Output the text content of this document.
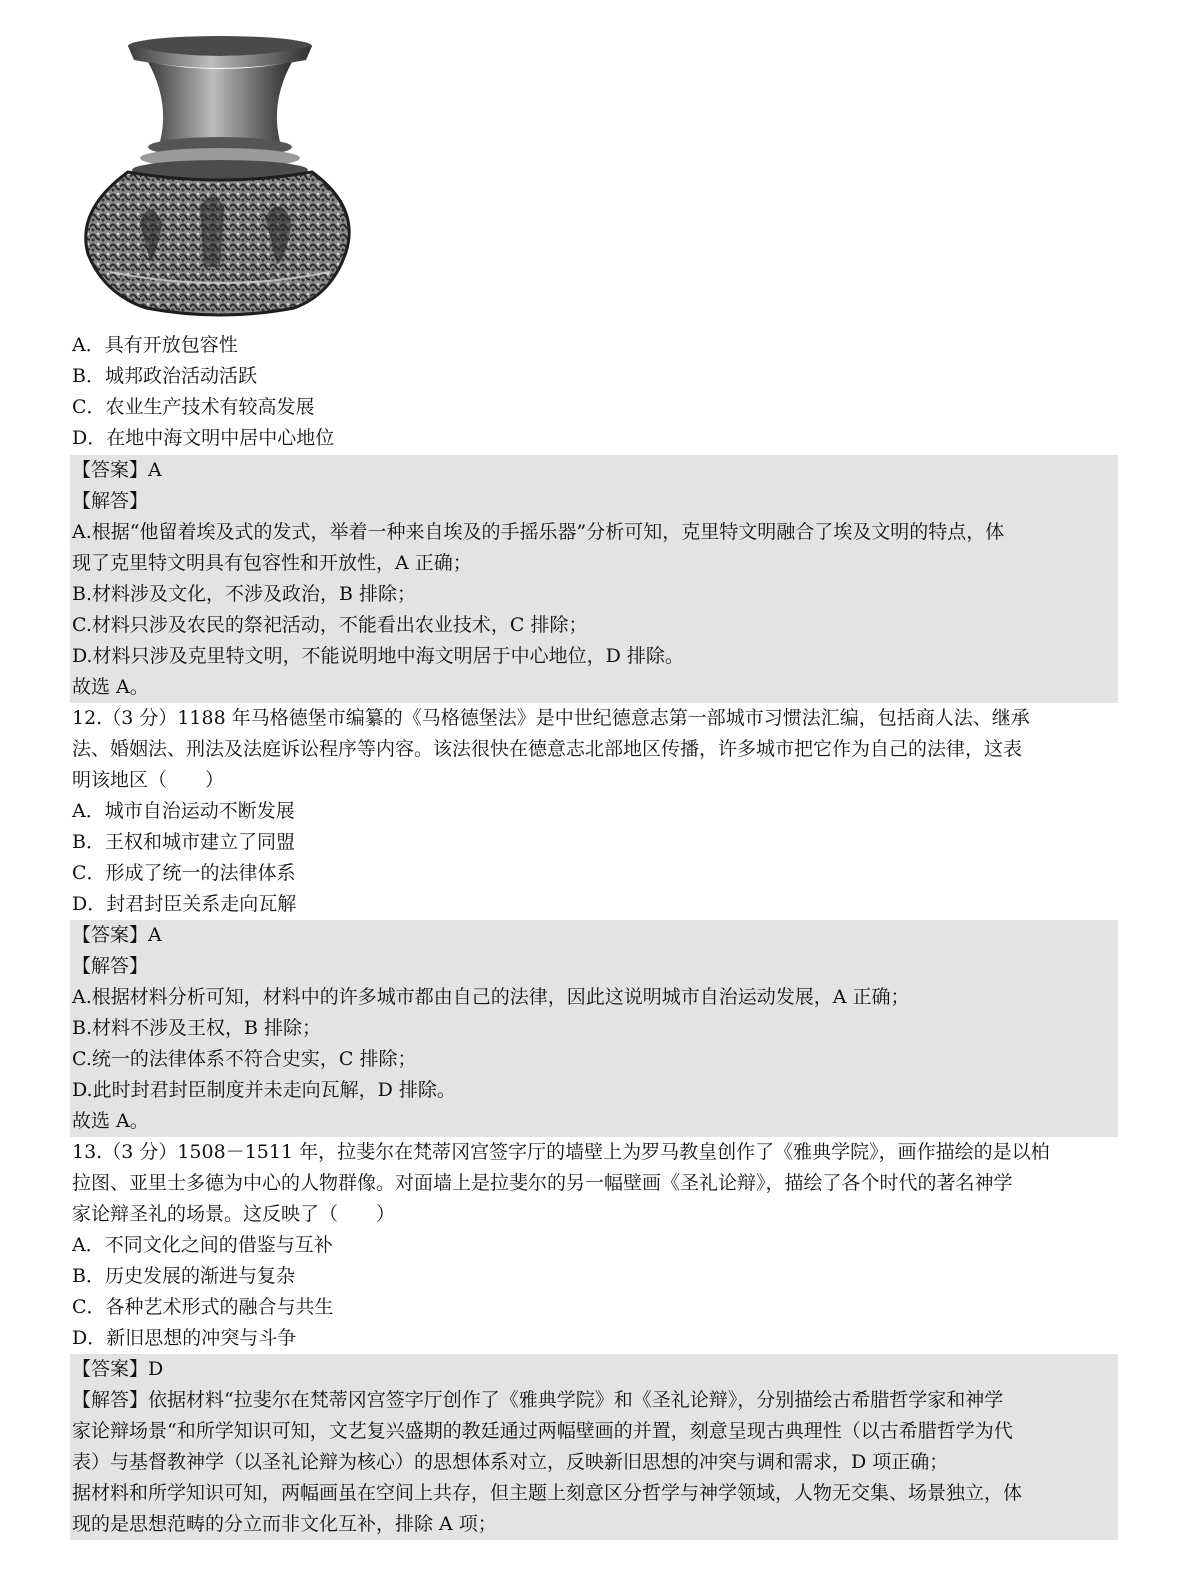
A．具有开放包容性
B．城邦政治活动活跃
C．农业生产技术有较高发展
D．在地中海文明中居中心地位
【答案】A
【解答】
A.根据“他留着埃及式的发式，举着一种来自埃及的手摇乐器”分析可知，克里特文明融合了埃及文明的特点，体
现了克里特文明具有包容性和开放性，A 正确；
B.材料涉及文化，不涉及政治，B 排除；
C.材料只涉及农民的祭祀活动，不能看出农业技术，C 排除；
D.材料只涉及克里特文明，不能说明地中海文明居于中心地位，D 排除。
故选 A。
12.（3 分）1188 年马格德堡市编纂的《马格德堡法》是中世纪德意志第一部城市习惯法汇编，包括商人法、继承
法、婚姻法、刑法及法庭诉讼程序等内容。该法很快在德意志北部地区传播，许多城市把它作为自己的法律，这表
明该地区（　　）
A．城市自治运动不断发展
B．王权和城市建立了同盟
C．形成了统一的法律体系
D．封君封臣关系走向瓦解
【答案】A
【解答】
A.根据材料分析可知，材料中的许多城市都由自己的法律，因此这说明城市自治运动发展，A 正确；
B.材料不涉及王权，B 排除；
C.统一的法律体系不符合史实，C 排除；
D.此时封君封臣制度并未走向瓦解，D 排除。
故选 A。
13.（3 分）1508－1511 年，拉斐尔在梵蒂冈宫签字厅的墙壁上为罗马教皇创作了《雅典学院》，画作描绘的是以柏
拉图、亚里士多德为中心的人物群像。对面墙上是拉斐尔的另一幅壁画《圣礼论辩》，描绘了各个时代的著名神学
家论辩圣礼的场景。这反映了（　　）
A．不同文化之间的借鉴与互补
B．历史发展的渐进与复杂
C．各种艺术形式的融合与共生
D．新旧思想的冲突与斗争
【答案】D
【解答】依据材料“拉斐尔在梵蒂冈宫签字厅创作了《雅典学院》和《圣礼论辩》，分别描绘古希腊哲学家和神学
家论辩场景“和所学知识可知，文艺复兴盛期的教廷通过两幅壁画的并置，刻意呈现古典理性（以古希腊哲学为代
表）与基督教神学（以圣礼论辩为核心）的思想体系对立，反映新旧思想的冲突与调和需求，D 项正确；
据材料和所学知识可知，两幅画虽在空间上共存，但主题上刻意区分哲学与神学领域，人物无交集、场景独立，体
现的是思想范畴的分立而非文化互补，排除 A 项；
